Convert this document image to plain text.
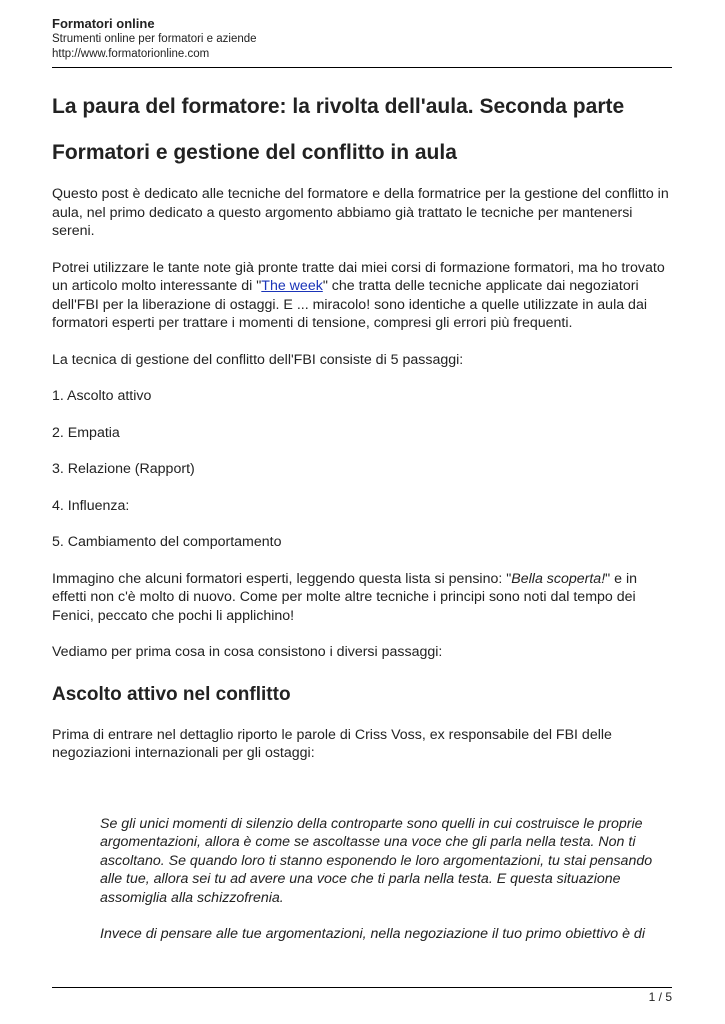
Formatori online
Strumenti online per formatori e aziende
http://www.formatorionline.com
La paura del formatore: la rivolta dell'aula. Seconda parte
Formatori e gestione del conflitto in aula

Questo post è dedicato alle tecniche del formatore e della formatrice per la gestione del conflitto in aula, nel primo dedicato a questo argomento abbiamo già trattato le tecniche per mantenersi sereni.

Potrei utilizzare le tante note già pronte tratte dai miei corsi di formazione formatori, ma ho trovato un articolo molto interessante di "The week" che tratta delle tecniche applicate dai negoziatori dell'FBI per la liberazione di ostaggi. E ... miracolo! sono identiche a quelle utilizzate in aula dai formatori esperti per trattare i momenti di tensione, compresi gli errori più frequenti.

La tecnica di gestione del conflitto dell'FBI consiste di 5 passaggi:

1. Ascolto attivo

2. Empatia

3. Relazione (Rapport)

4. Influenza:

5. Cambiamento del comportamento

Immagino che alcuni formatori esperti, leggendo questa lista si pensino: "Bella scoperta!" e in effetti non c'è molto di nuovo. Come per molte altre tecniche i principi sono noti dal tempo dei Fenici, peccato che pochi li applichino!

Vediamo per prima cosa in cosa consistono i diversi passaggi:

Ascolto attivo nel conflitto

Prima di entrare nel dettaglio riporto le parole di Criss Voss, ex responsabile del FBI delle negoziazioni internazionali per gli ostaggi:

Se gli unici momenti di silenzio della controparte sono quelli in cui costruisce le proprie argomentazioni, allora è come se ascoltasse una voce che gli parla nella testa. Non ti ascoltano. Se quando loro ti stanno esponendo le loro argomentazioni, tu stai pensando alle tue, allora sei tu ad avere una voce che ti parla nella testa. E questa situazione assomiglia alla schizzofrenia.

Invece di pensare alle tue argomentazioni, nella negoziazione il tuo primo obiettivo è di

1 / 5
